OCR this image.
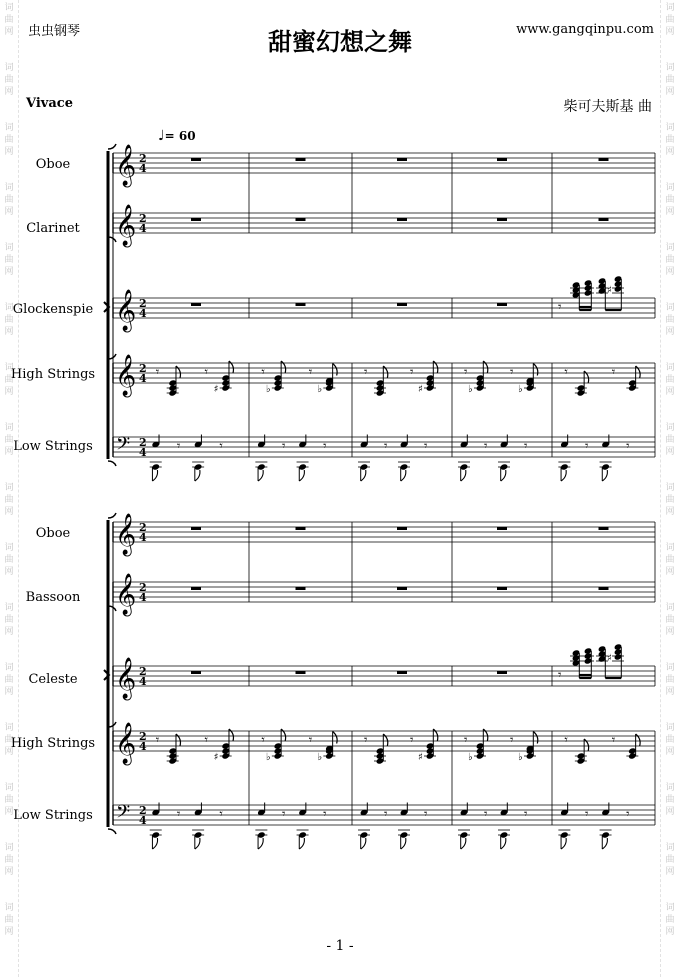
词
曲
网
词
曲
网
词
曲
网
词
曲
网
词
曲
网
词
曲
网
词
曲
网
词
曲
网
词
曲
网
词
曲
网
词
曲
网
词
曲
网
词
曲
网
词
曲
网
词
曲
网
词
曲
网
词
曲
网
词
曲
网
词
曲
网
词
曲
网
词
曲
网
词
曲
网
词
曲
网
词
曲
网
词
曲
网
词
曲
网
词
曲
网
词
曲
网
词
曲
网
词
曲
网
词
曲
网
词
曲
网
虫虫钢琴	甜蜜幻想之舞	www.gangqinpu.com
Vivace	柴可夫斯基 曲
♩= 60
Oboe
Clarinet
Glockenspie
High Strings
Low Strings
Oboe
Bassoon
Celeste
High Strings
Low Strings
- 1 -
𝄞 2
4
𝄞 2
4
𝄞 2
4	𝄾
♯
𝄞 2
4 𝄾	𝄾
♯
𝄾
♭
𝄾
♭
𝄾	𝄾
♯
𝄾
♭
𝄾
♭
𝄾	𝄾
𝄢 2
4 𝄾	𝄾	𝄾	𝄾	𝄾	𝄾	𝄾	𝄾	𝄾	𝄾
𝄞 2
4
𝄞 2
4
𝄞 2
4	𝄾
♯
𝄞 2
4 𝄾	𝄾
♯
𝄾
♭
𝄾
♭
𝄾	𝄾
♯
𝄾
♭
𝄾
♭
𝄾	𝄾
𝄢 2
4 𝄾	𝄾	𝄾	𝄾	𝄾	𝄾	𝄾	𝄾	𝄾	𝄾
